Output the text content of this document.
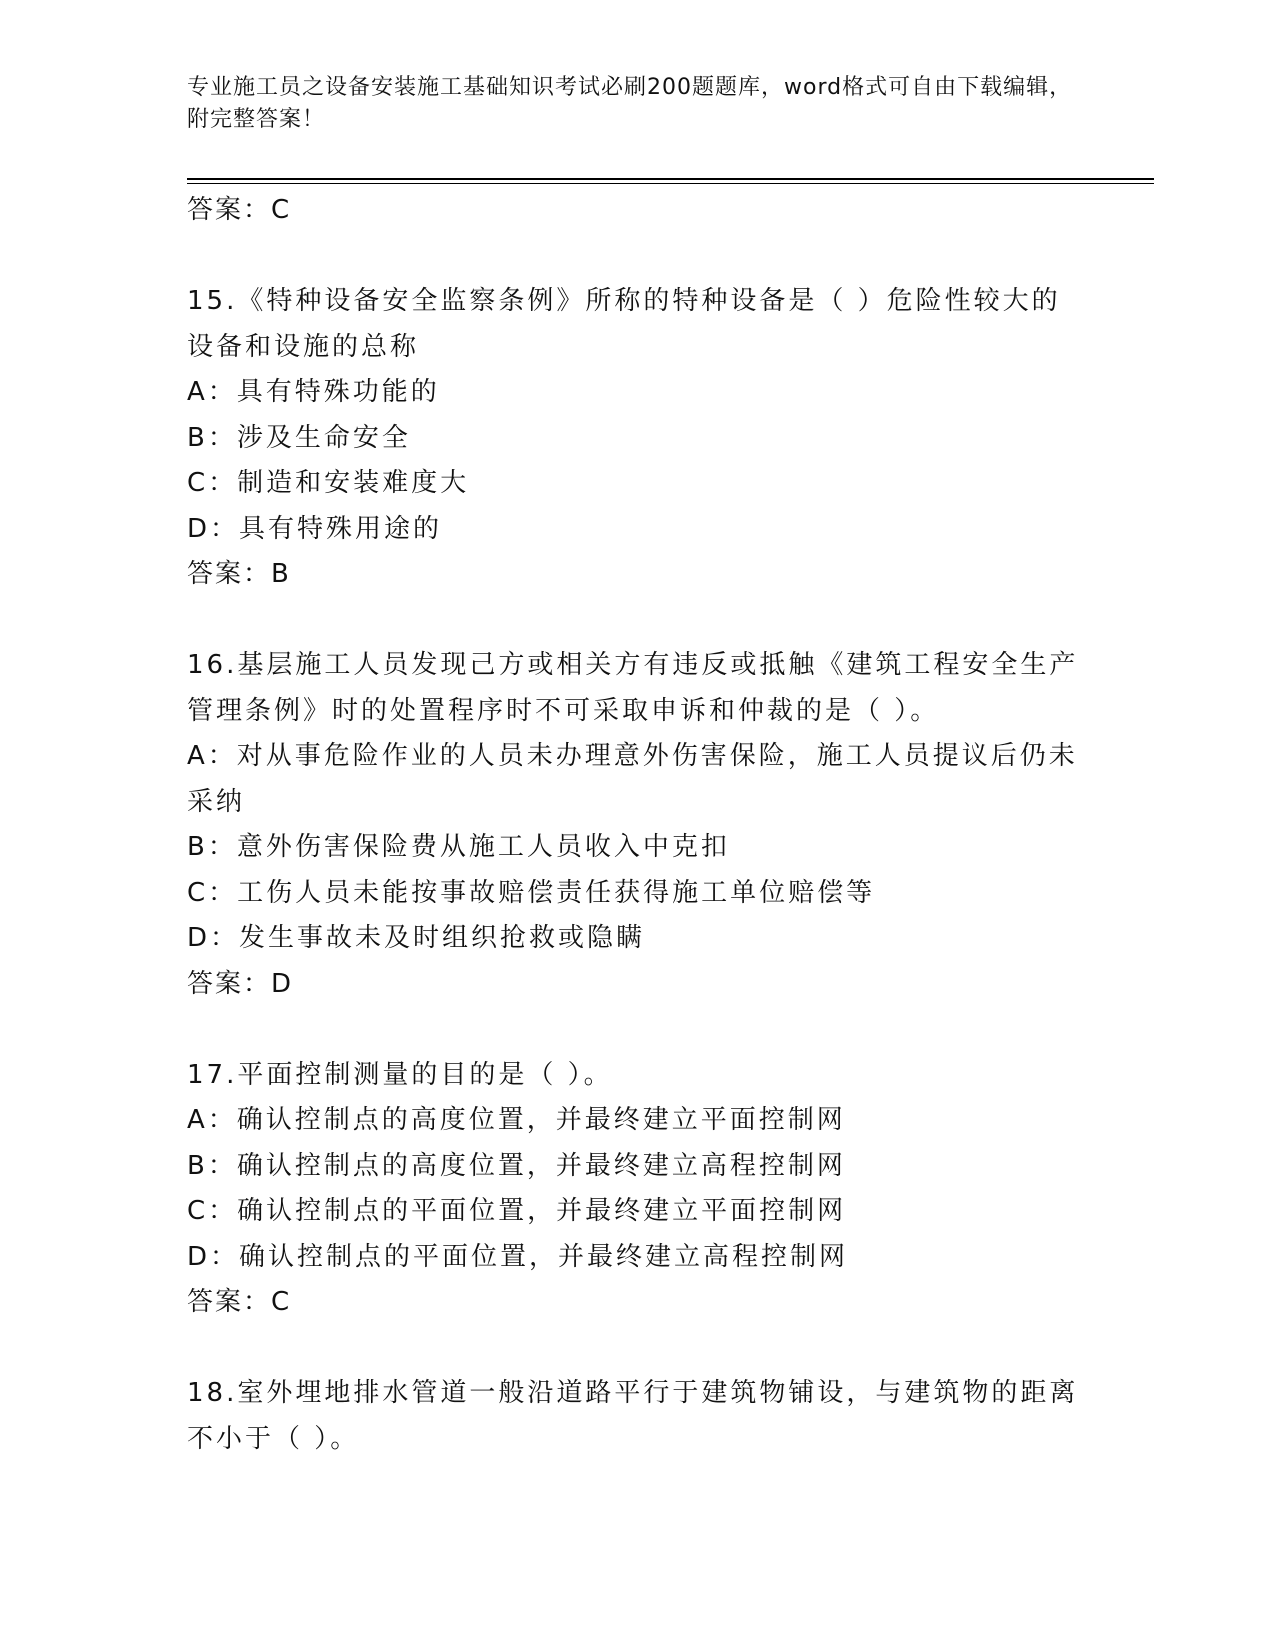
专业施工员之设备安装施工基础知识考试必刷200题题库，word格式可自由下载编辑，附完整答案！
答案：C
15.《特种设备安全监察条例》所称的特种设备是（ ）危险性较大的
设备和设施的总称
A：具有特殊功能的
B：涉及生命安全
C：制造和安装难度大
D：具有特殊用途的
答案：B
16.基层施工人员发现己方或相关方有违反或抵触《建筑工程安全生产
管理条例》时的处置程序时不可采取申诉和仲裁的是（ ）。
A：对从事危险作业的人员未办理意外伤害保险，施工人员提议后仍未
采纳
B：意外伤害保险费从施工人员收入中克扣
C：工伤人员未能按事故赔偿责任获得施工单位赔偿等
D：发生事故未及时组织抢救或隐瞒
答案：D
17.平面控制测量的目的是（ ）。
A：确认控制点的高度位置，并最终建立平面控制网
B：确认控制点的高度位置，并最终建立高程控制网
C：确认控制点的平面位置，并最终建立平面控制网
D：确认控制点的平面位置，并最终建立高程控制网
答案：C
18.室外埋地排水管道一般沿道路平行于建筑物铺设，与建筑物的距离
不小于（ ）。
